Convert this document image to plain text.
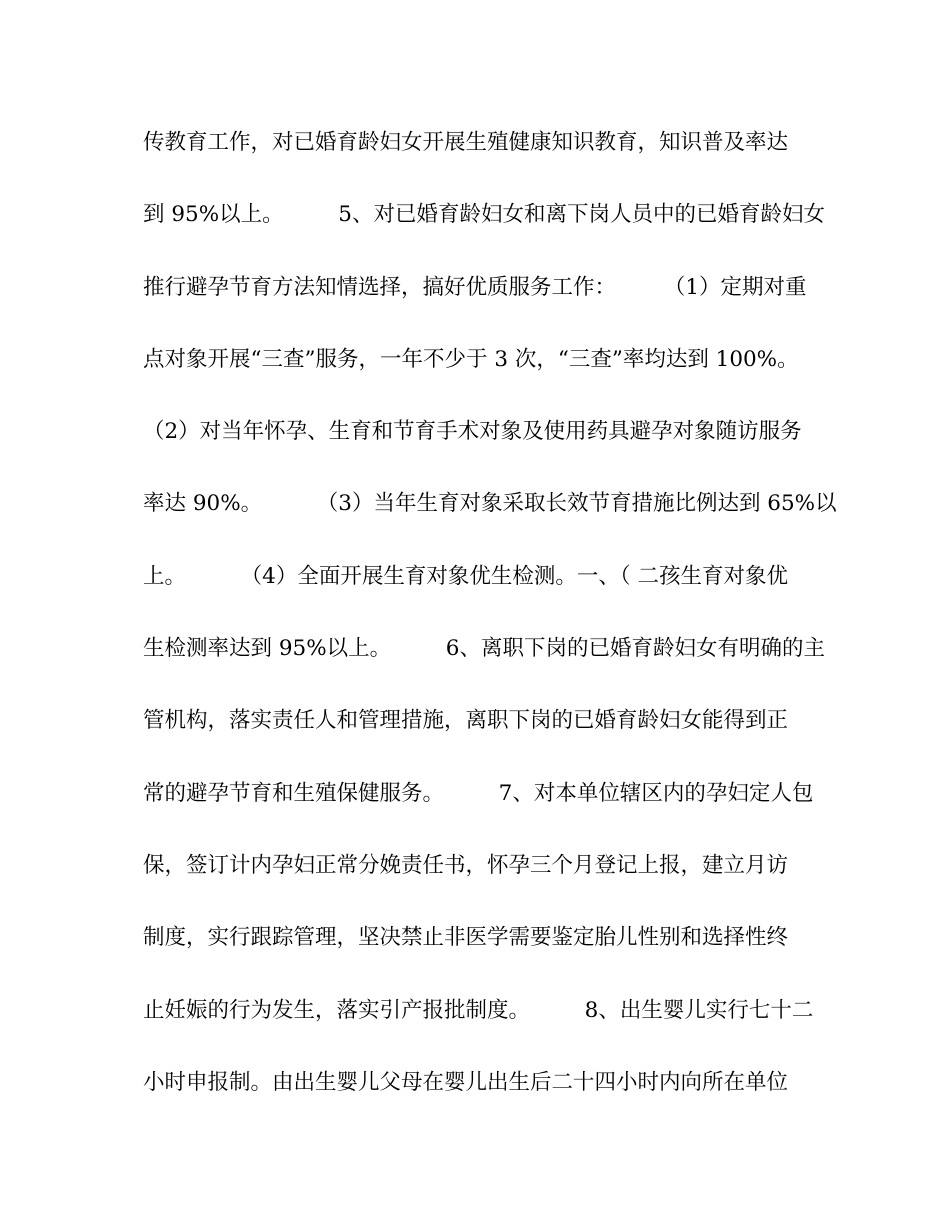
传教育工作，对已婚育龄妇女开展生殖健康知识教育，知识普及率达
到 95%以上。        5、对已婚育龄妇女和离下岗人员中的已婚育龄妇女
推行避孕节育方法知情选择，搞好优质服务工作：       （1）定期对重
点对象开展“三查”服务，一年不少于 3 次，“三查”率均达到 100%。
（2）对当年怀孕、生育和节育手术对象及使用药具避孕对象随访服务
率达 90%。        （3）当年生育对象采取长效节育措施比例达到 65%以
上。        （4）全面开展生育对象优生检测。一、（ 二孩生育对象优
生检测率达到 95%以上。        6、离职下岗的已婚育龄妇女有明确的主
管机构，落实责任人和管理措施，离职下岗的已婚育龄妇女能得到正
常的避孕节育和生殖保健服务。        7、对本单位辖区内的孕妇定人包
保，签订计内孕妇正常分娩责任书，怀孕三个月登记上报，建立月访
制度，实行跟踪管理，坚决禁止非医学需要鉴定胎儿性别和选择性终
止妊娠的行为发生，落实引产报批制度。        8、出生婴儿实行七十二
小时申报制。由出生婴儿父母在婴儿出生后二十四小时内向所在单位
